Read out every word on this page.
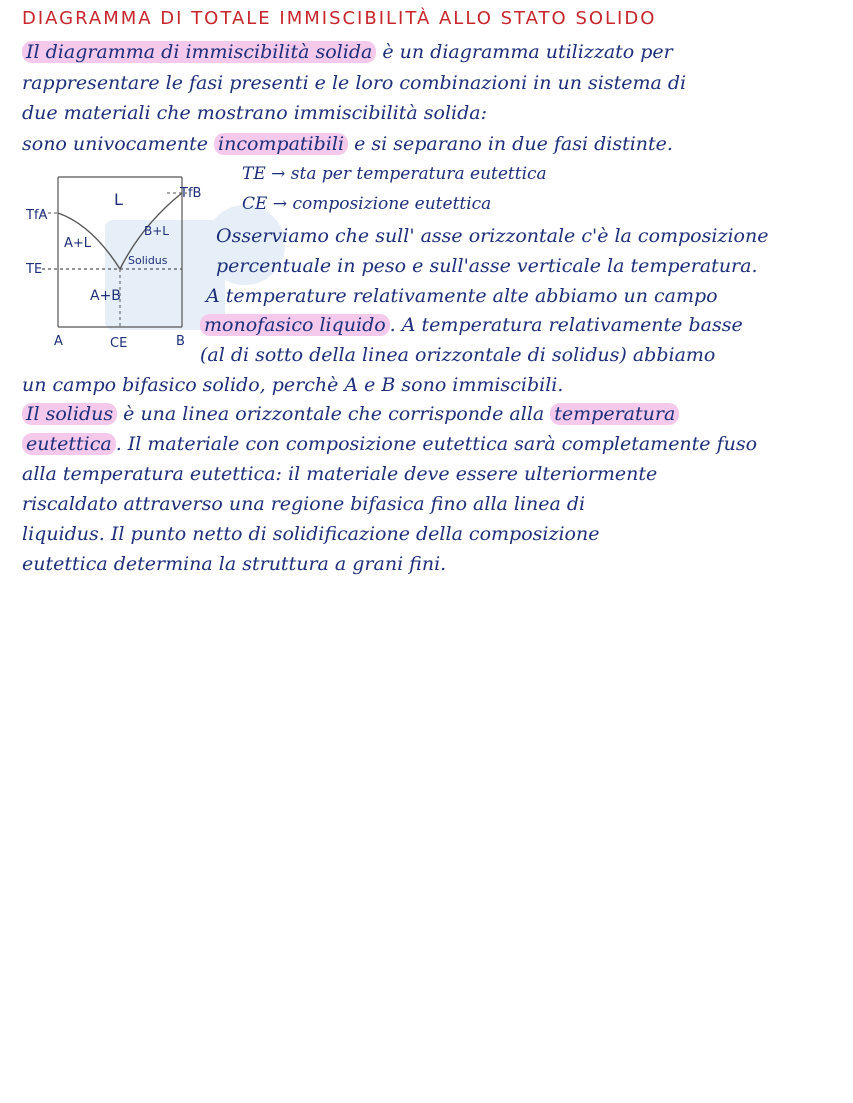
DIAGRAMMA DI TOTALE IMMISCIBILITÀ ALLO STATO SOLIDO
Il diagramma di immiscibilità solida è un diagramma utilizzato per
rappresentare le fasi presenti e le loro combinazioni in un sistema di
due materiali che mostrano immiscibilità solida:
sono univocamente incompatibili e si separano in due fasi distinte.
TE → sta per temperatura eutettica
CE → composizione eutettica
L
TfA
TfB
A+L
B+L
TE
Solidus
A+B
A	CE	B
Osserviamo che sull' asse orizzontale c'è la composizione
percentuale in peso e sull'asse verticale la temperatura.
A temperature relativamente alte abbiamo un campo
monofasico liquido . A temperatura relativamente basse
(al di sotto della linea orizzontale di solidus) abbiamo
un campo bifasico solido, perchè A e B sono immiscibili.
Il solidus è una linea orizzontale che corrisponde alla temperatura
eutettica . Il materiale con composizione eutettica sarà completamente fuso
alla temperatura eutettica: il materiale deve essere ulteriormente
riscaldato attraverso una regione bifasica fino alla linea di
liquidus. Il punto netto di solidificazione della composizione
eutettica determina la struttura a grani fini.
